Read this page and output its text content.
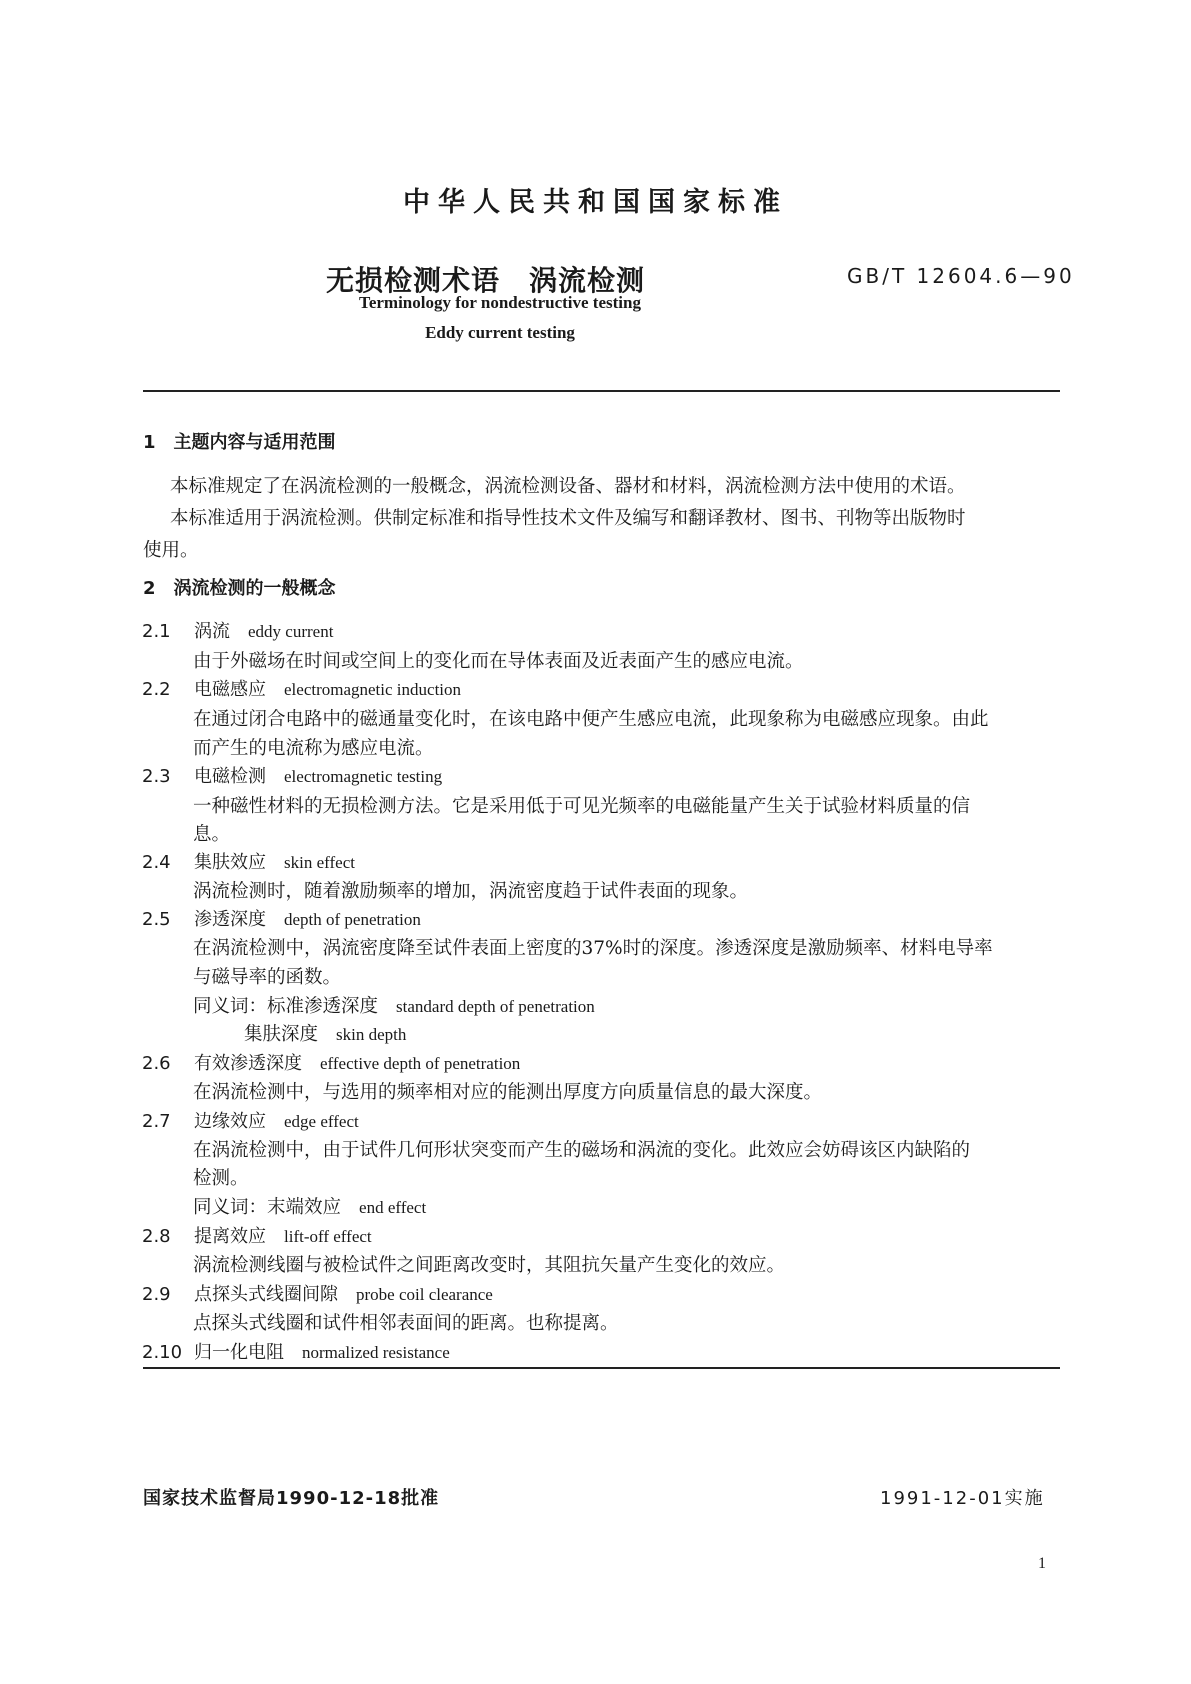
中华人民共和国国家标准
无损检测术语　涡流检测	GB/T 12604.6—90
Terminology for nondestructive testing
Eddy current testing
1　主题内容与适用范围
本标准规定了在涡流检测的一般概念，涡流检测设备、器材和材料，涡流检测方法中使用的术语。
本标准适用于涡流检测。供制定标准和指导性技术文件及编写和翻译教材、图书、刊物等出版物时
使用。
2　涡流检测的一般概念
2.1 涡流 eddy current
由于外磁场在时间或空间上的变化而在导体表面及近表面产生的感应电流。
2.2 电磁感应 electromagnetic induction
在通过闭合电路中的磁通量变化时，在该电路中便产生感应电流，此现象称为电磁感应现象。由此
而产生的电流称为感应电流。
2.3 电磁检测 electromagnetic testing
一种磁性材料的无损检测方法。它是采用低于可见光频率的电磁能量产生关于试验材料质量的信
息。
2.4 集肤效应 skin effect
涡流检测时，随着激励频率的增加，涡流密度趋于试件表面的现象。
2.5 渗透深度 depth of penetration
在涡流检测中，涡流密度降至试件表面上密度的37%时的深度。渗透深度是激励频率、材料电导率
与磁导率的函数。
同义词：标准渗透深度 standard depth of penetration
集肤深度 skin depth
2.6 有效渗透深度 effective depth of penetration
在涡流检测中，与选用的频率相对应的能测出厚度方向质量信息的最大深度。
2.7 边缘效应 edge effect
在涡流检测中，由于试件几何形状突变而产生的磁场和涡流的变化。此效应会妨碍该区内缺陷的
检测。
同义词：末端效应 end effect
2.8 提离效应 lift-off effect
涡流检测线圈与被检试件之间距离改变时，其阻抗矢量产生变化的效应。
2.9 点探头式线圈间隙 probe coil clearance
点探头式线圈和试件相邻表面间的距离。也称提离。
2.10 归一化电阻 normalized resistance
国家技术监督局1990-12-18批准	1991-12-01实施
1
